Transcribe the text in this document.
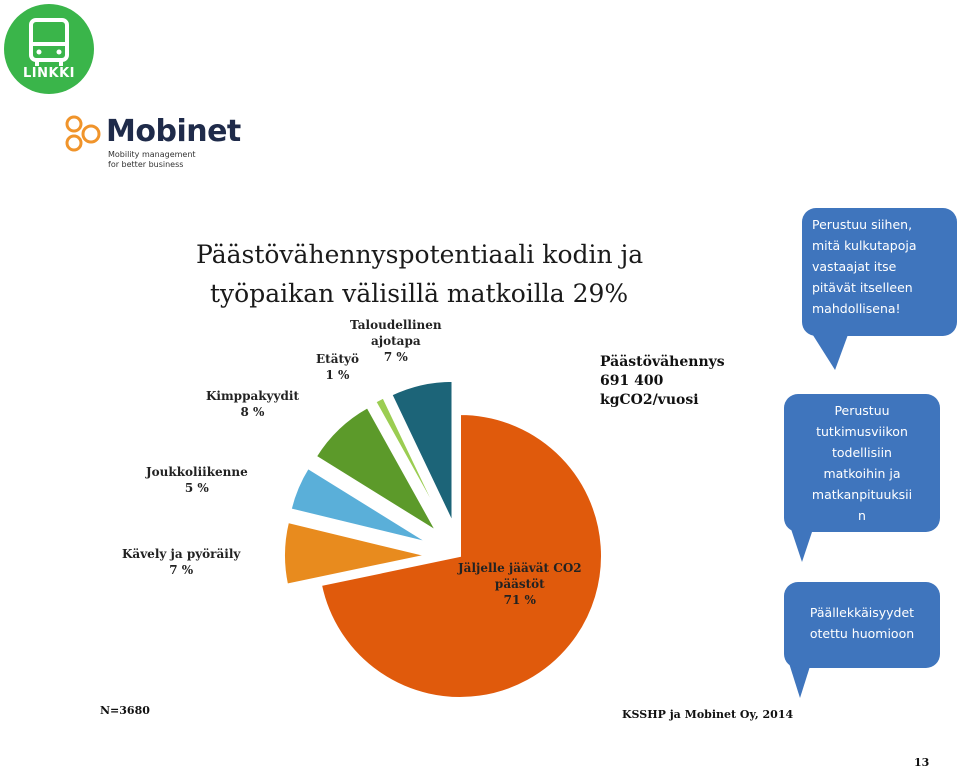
LINKKI
Mobinet
Mobility management
for better business
Päästövähennyspotentiaali kodin ja
työpaikan välisillä matkoilla 29%
Jäljelle jäävät CO2
päästöt
71 %
Kävely ja pyöräily
7 %
Joukkoliikenne
5 %
Kimppakyydit
8 %
Etätyö
1 %
Taloudellinen
ajotapa
7 %	Päästövähennys
691 400
kgCO2/vuosi
Perustuu siihen,
mitä kulkutapoja
vastaajat itse
pitävät itselleen
mahdollisena!
Perustuu
tutkimusviikon
todellisiin
matkoihin ja
matkanpituuksii
n
Päällekkäisyydet
otettu huomioon
N=3680	KSSHP ja Mobinet Oy, 2014
13
